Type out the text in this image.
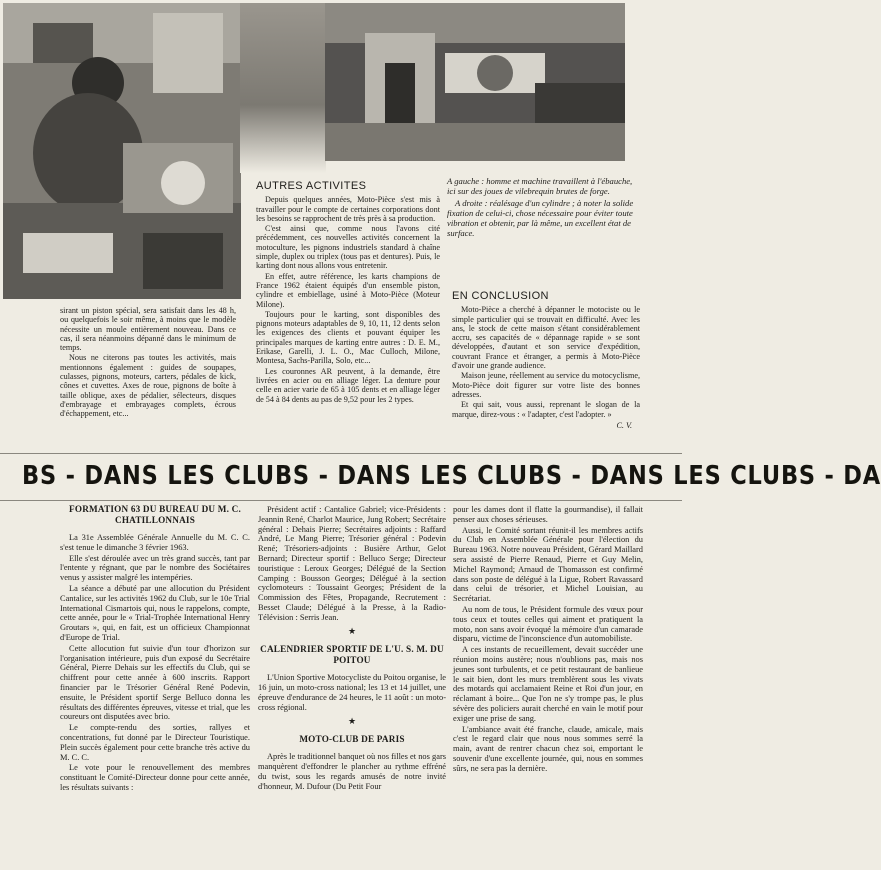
sirant un piston spécial, sera satisfait dans les 48 h, ou quelquefois le soir même, à moins que le modèle nécessite un moule entièrement nouveau. Dans ce cas, il sera néanmoins dépanné dans le minimum de temps.

Nous ne citerons pas toutes les activités, mais mentionnons également : guides de soupapes, culasses, pignons, moteurs, carters, pédales de kick, cônes et cuvettes. Axes de roue, pignons de boîte à taille oblique, axes de pédalier, sélecteurs, disques d'embrayage et embrayages complets, écrous d'échappement, etc...

AUTRES ACTIVITES

Depuis quelques années, Moto-Pièce s'est mis à travailler pour le compte de certaines corporations dont les besoins se rapprochent de très près à sa production.

C'est ainsi que, comme nous l'avons cité précédemment, ces nouvelles activités concernent la motoculture, les pignons industriels standard à chaîne simple, duplex ou triplex (tous pas et dentures). Puis, le karting dont nous allons vous entretenir.

En effet, autre référence, les karts champions de France 1962 étaient équipés d'un ensemble piston, cylindre et embiellage, usiné à Moto-Pièce (Moteur Milone).

Toujours pour le karting, sont disponibles des pignons moteurs adaptables de 9, 10, 11, 12 dents selon les exigences des clients et pouvant équiper les principales marques de karting entre autres : D. E. M., Erikase, Garelli, J. L. O., Mac Culloch, Milone, Montesa, Sachs-Parilla, Solo, etc...

Les couronnes AR peuvent, à la demande, être livrées en acier ou en alliage léger. La denture pour celle en acier varie de 65 à 105 dents et en alliage léger de 54 à 84 dents au pas de 9,52 pour les 2 types.

A gauche : homme et machine travaillent à l'ébauche, ici sur des joues de vilebrequin brutes de forge.

A droite : réalésage d'un cylindre ; à noter la solide fixation de celui-ci, chose nécessaire pour éviter toute vibration et obtenir, par là même, un excellent état de surface.

EN CONCLUSION

Moto-Pièce a cherché à dépanner le motociste ou le simple particulier qui se trouvait en difficulté. Avec les ans, le stock de cette maison s'étant considérablement accru, ses capacités de « dépannage rapide » se sont développées, d'autant et son service d'expédition, couvrant France et étranger, a permis à Moto-Pièce d'avoir une grande audience.

Maison jeune, réellement au service du motocyclisme, Moto-Pièce doit figurer sur votre liste des bonnes adresses.

Et qui sait, vous aussi, reprenant le slogan de la marque, direz-vous : « l'adapter, c'est l'adopter. »

C. V.
BS - DANS LES CLUBS - DANS LES CLUBS - DANS LES CLUBS - DA
FORMATION 63 DU BUREAU DU M. C. CHATILLONNAIS

La 31e Assemblée Générale Annuelle du M. C. C. s'est tenue le dimanche 3 février 1963.

Elle s'est déroulée avec un très grand succès, tant par l'entente y régnant, que par le nombre des Sociétaires venus y assister malgré les intempéries.

La séance a débuté par une allocution du Président Cantalice, sur les activités 1962 du Club, sur le 10e Trial International Cismartois qui, nous le rappelons, compte, cette année, pour le « Trial-Trophée International Henry Groutars », qui, en fait, est un officieux Championnat d'Europe de Trial.

Cette allocution fut suivie d'un tour d'horizon sur l'organisation intérieure, puis d'un exposé du Secrétaire Général, Pierre Dehais sur les effectifs du Club, qui se chiffrent pour cette année à 600 inscrits. Rapport financier par le Trésorier Général René Podevin, ensuite, le Président sportif Serge Belluco donna les résultats des différentes épreuves, vitesse et trial, que les coureurs ont disputées avec brio.

Le compte-rendu des sorties, rallyes et concentrations, fut donné par le Directeur Touristique. Plein succès également pour cette branche très active du M. C. C.

Le vote pour le renouvellement des membres constituant le Comité-Directeur donne pour cette année, les résultats suivants :

Président actif : Cantalice Gabriel; vice-Présidents : Jeannin René, Charlot Maurice, Jung Robert; Secrétaire général : Dehais Pierre; Secrétaires adjoints : Raffard André, Le Mang Pierre; Trésorier général : Podevin René; Trésoriers-adjoints : Busière Arthur, Gelot Bernard; Directeur sportif : Belluco Serge; Directeur touristique : Leroux Georges; Délégué de la Section Camping : Bousson Georges; Délégué à la section cyclomoteurs : Toussaint Georges; Président de la Commission des Fêtes, Propagande, Recrutement : Besset Claude; Délégué à la Presse, à la Radio-Télévision : Serris Jean.

★
CALENDRIER SPORTIF DE L'U. S. M. DU POITOU

L'Union Sportive Motocycliste du Poitou organise, le 16 juin, un moto-cross national; les 13 et 14 juillet, une épreuve d'endurance de 24 heures, le 11 août : un moto-cross régional.

★
MOTO-CLUB DE PARIS

Après le traditionnel banquet où nos filles et nos gars manquèrent d'effondrer le plancher au rythme effréné du twist, sous les regards amusés de notre invité d'honneur, M. Dufour (Du Petit Four

pour les dames dont il flatte la gourmandise), il fallait penser aux choses sérieuses.

Aussi, le Comité sortant réunit-il les membres actifs du Club en Assemblée Générale pour l'élection du Bureau 1963. Notre nouveau Président, Gérard Maillard sera assisté de Pierre Renaud, Pierre et Guy Melin, Michel Raymond; Arnaud de Thomasson est confirmé dans son poste de délégué à la Ligue, Robert Ravassard dans celui de trésorier, et Michel Louisian, au Secrétariat.

Au nom de tous, le Président formule des vœux pour tous ceux et toutes celles qui aiment et pratiquent la moto, non sans avoir évoqué la mémoire d'un camarade disparu, victime de l'inconscience d'un automobiliste.

A ces instants de recueillement, devait succéder une réunion moins austère; nous n'oublions pas, mais nos jeunes sont turbulents, et ce petit restaurant de banlieue le sait bien, dont les murs tremblèrent sous les vivats des motards qui acclamaient Reine et Roi d'un jour, en réclamant à boire... Que l'on ne s'y trompe pas, le plus sévère des policiers aurait cherché en vain le motif pour exiger une prise de sang.

L'ambiance avait été franche, claude, amicale, mais c'est le regard clair que nous nous sommes serré la main, avant de rentrer chacun chez soi, emportant le souvenir d'une excellente journée, qui, nous en sommes sûrs, ne sera pas la dernière.
